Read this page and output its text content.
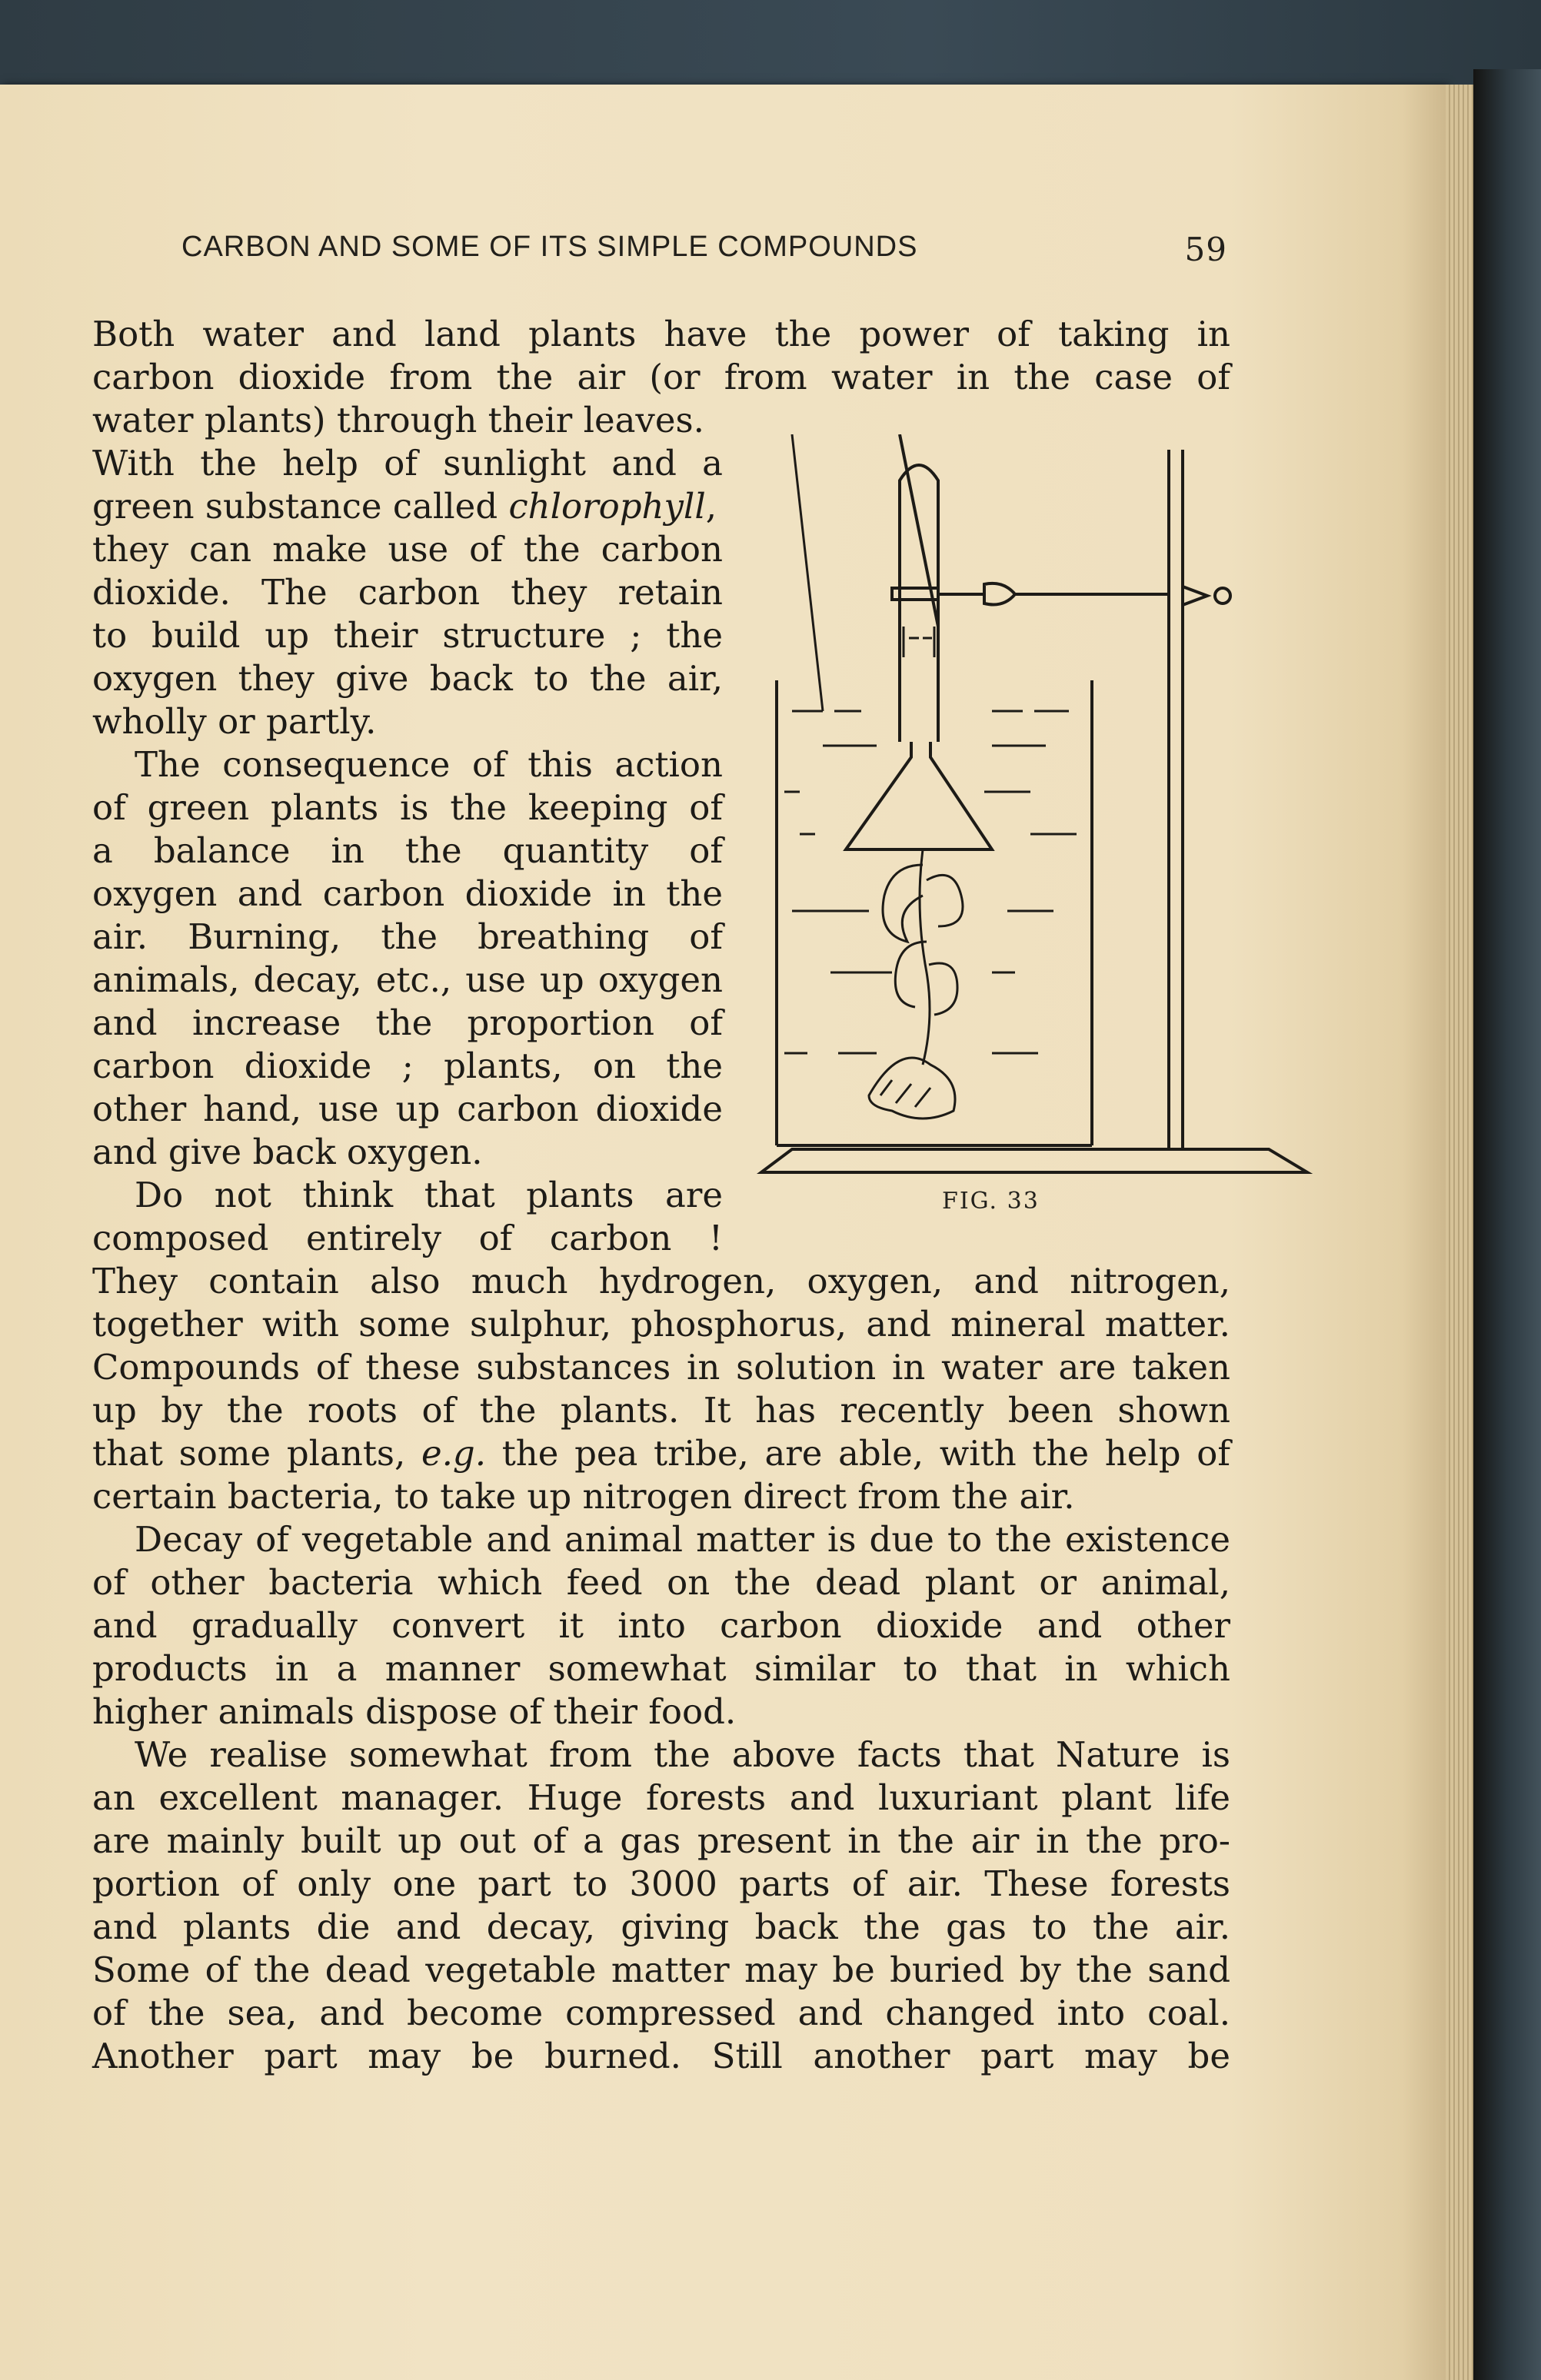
CARBON AND SOME OF ITS SIMPLE COMPOUNDS	59
Both water and land plants have the power of taking in
carbon dioxide from the air (or from water in the case of
water plants) through their leaves.
With the help of sunlight and a
green substance called chlorophyll,
they can make use of the carbon
dioxide. The carbon they retain
to build up their structure ; the
oxygen they give back to the air,
wholly or partly.
The consequence of this action
of green plants is the keeping of
a balance in the quantity of
oxygen and carbon dioxide in the
air. Burning, the breathing of
animals, decay, etc., use up oxygen
and increase the proportion of
carbon dioxide ; plants, on the
other hand, use up carbon dioxide
and give back oxygen.
Do not think that plants are
composed entirely of carbon !
They contain also much hydrogen, oxygen, and nitrogen,
together with some sulphur, phosphorus, and mineral matter.
Compounds of these substances in solution in water are taken
up by the roots of the plants. It has recently been shown
that some plants, e.g. the pea tribe, are able, with the help of
certain bacteria, to take up nitrogen direct from the air.
Decay of vegetable and animal matter is due to the existence
of other bacteria which feed on the dead plant or animal,
and gradually convert it into carbon dioxide and other
products in a manner somewhat similar to that in which
higher animals dispose of their food.
We realise somewhat from the above facts that Nature is
an excellent manager. Huge forests and luxuriant plant life
are mainly built up out of a gas present in the air in the pro-
portion of only one part to 3000 parts of air. These forests
and plants die and decay, giving back the gas to the air.
Some of the dead vegetable matter may be buried by the sand
of the sea, and become compressed and changed into coal.
Another part may be burned. Still another part may be
FIG. 33
